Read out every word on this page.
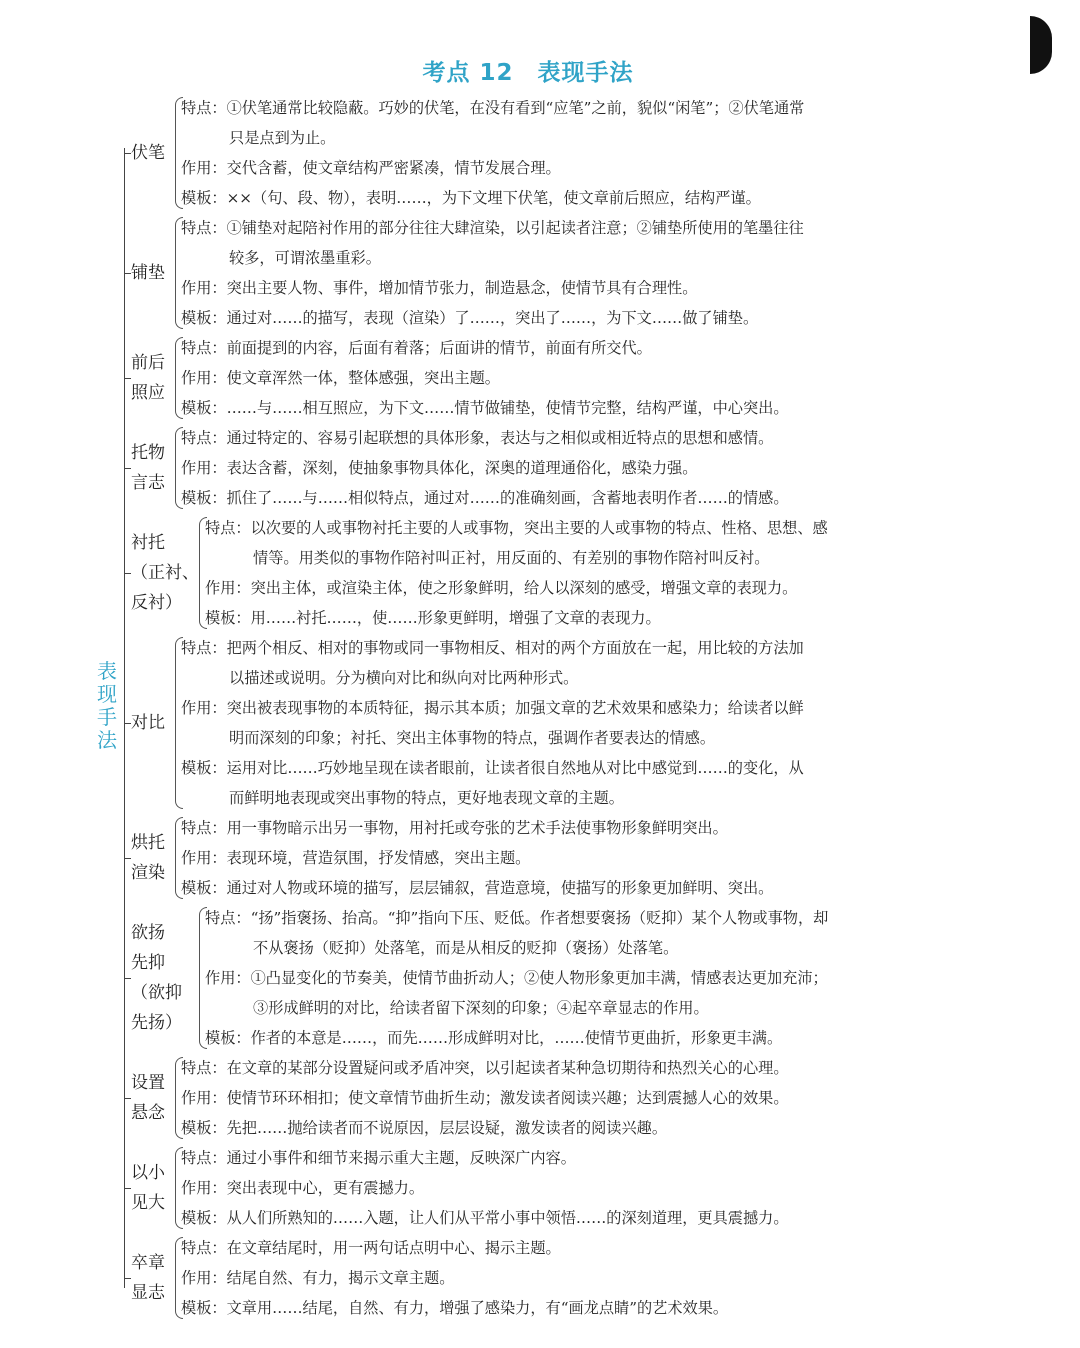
考点 12　表现手法
表
现
手
法
伏笔
特点：①伏笔通常比较隐蔽。巧妙的伏笔，在没有看到“应笔”之前，貌似“闲笔”；②伏笔通常
只是点到为止。
作用：交代含蓄，使文章结构严密紧凑，情节发展合理。
模板：××（句、段、物），表明……，为下文埋下伏笔，使文章前后照应，结构严谨。
铺垫
特点：①铺垫对起陪衬作用的部分往往大肆渲染，以引起读者注意；②铺垫所使用的笔墨往往
较多，可谓浓墨重彩。
作用：突出主要人物、事件，增加情节张力，制造悬念，使情节具有合理性。
模板：通过对……的描写，表现（渲染）了……，突出了……，为下文……做了铺垫。
前后
照应
特点：前面提到的内容，后面有着落；后面讲的情节，前面有所交代。
作用：使文章浑然一体，整体感强，突出主题。
模板：……与……相互照应，为下文……情节做铺垫，使情节完整，结构严谨，中心突出。
托物
言志
特点：通过特定的、容易引起联想的具体形象，表达与之相似或相近特点的思想和感情。
作用：表达含蓄，深刻，使抽象事物具体化，深奥的道理通俗化，感染力强。
模板：抓住了……与……相似特点，通过对……的准确刻画，含蓄地表明作者……的情感。
衬托
（正衬、
反衬）
特点：以次要的人或事物衬托主要的人或事物，突出主要的人或事物的特点、性格、思想、感
情等。用类似的事物作陪衬叫正衬，用反面的、有差别的事物作陪衬叫反衬。
作用：突出主体，或渲染主体，使之形象鲜明，给人以深刻的感受，增强文章的表现力。
模板：用……衬托……，使……形象更鲜明，增强了文章的表现力。
对比
特点：把两个相反、相对的事物或同一事物相反、相对的两个方面放在一起，用比较的方法加
以描述或说明。分为横向对比和纵向对比两种形式。
作用：突出被表现事物的本质特征，揭示其本质；加强文章的艺术效果和感染力；给读者以鲜
明而深刻的印象；衬托、突出主体事物的特点，强调作者要表达的情感。
模板：运用对比……巧妙地呈现在读者眼前，让读者很自然地从对比中感觉到……的变化，从
而鲜明地表现或突出事物的特点，更好地表现文章的主题。
烘托
渲染
特点：用一事物暗示出另一事物，用衬托或夸张的艺术手法使事物形象鲜明突出。
作用：表现环境，营造氛围，抒发情感，突出主题。
模板：通过对人物或环境的描写，层层铺叙，营造意境，使描写的形象更加鲜明、突出。
欲扬
先抑
（欲抑
先扬）
特点：“扬”指褒扬、抬高。“抑”指向下压、贬低。作者想要褒扬（贬抑）某个人物或事物，却
不从褒扬（贬抑）处落笔，而是从相反的贬抑（褒扬）处落笔。
作用：①凸显变化的节奏美，使情节曲折动人；②使人物形象更加丰满，情感表达更加充沛；
③形成鲜明的对比，给读者留下深刻的印象；④起卒章显志的作用。
模板：作者的本意是……，而先……形成鲜明对比，……使情节更曲折，形象更丰满。
设置
悬念
特点：在文章的某部分设置疑问或矛盾冲突，以引起读者某种急切期待和热烈关心的心理。
作用：使情节环环相扣；使文章情节曲折生动；激发读者阅读兴趣；达到震撼人心的效果。
模板：先把……抛给读者而不说原因，层层设疑，激发读者的阅读兴趣。
以小
见大
特点：通过小事件和细节来揭示重大主题，反映深广内容。
作用：突出表现中心，更有震撼力。
模板：从人们所熟知的……入题，让人们从平常小事中领悟……的深刻道理，更具震撼力。
卒章
显志
特点：在文章结尾时，用一两句话点明中心、揭示主题。
作用：结尾自然、有力，揭示文章主题。
模板：文章用……结尾，自然、有力，增强了感染力，有“画龙点睛”的艺术效果。
